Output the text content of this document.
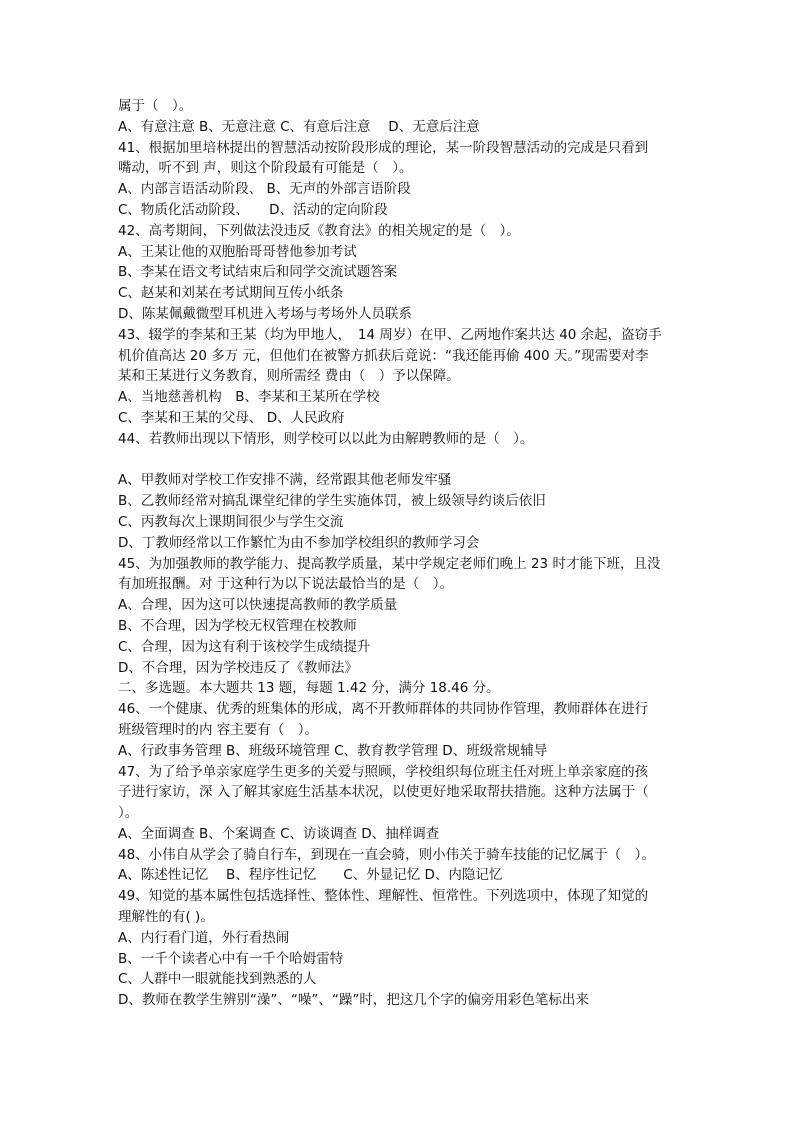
属于（　）。
A、有意注意 B、无意注意 C、有意后注意　 D、无意后注意
41、根据加里培林提出的智慧活动按阶段形成的理论，某一阶段智慧活动的完成是只看到
嘴动，听不到 声，则这个阶段最有可能是（　）。
A、内部言语活动阶段、 B、无声的外部言语阶段
C、物质化活动阶段、　　D、活动的定向阶段
42、高考期间，下列做法没违反《教育法》的相关规定的是（　）。
A、王某让他的双胞胎哥哥替他参加考试
B、李某在语文考试结束后和同学交流试题答案
C、赵某和刘某在考试期间互传小纸条
D、陈某佩戴微型耳机进入考场与考场外人员联系
43、辍学的李某和王某（均为甲地人，　14 周岁）在甲、乙两地作案共达 40 余起，盗窃手
机价值高达 20 多万 元，但他们在被警方抓获后竟说：“我还能再偷 400 天。”现需要对李
某和王某进行义务教育，则所需经 费由（　）予以保障。
A、当地慈善机构　B、李某和王某所在学校
C、李某和王某的父母、 D、人民政府
44、若教师出现以下情形，则学校可以以此为由解聘教师的是（　）。
A、甲教师对学校工作安排不满，经常跟其他老师发牢骚
B、乙教师经常对搞乱课堂纪律的学生实施体罚，被上级领导约谈后依旧
C、丙教每次上课期间很少与学生交流
D、丁教师经常以工作繁忙为由不参加学校组织的教师学习会
45、为加强教师的教学能力、提高教学质量，某中学规定老师们晚上 23 时才能下班，且没
有加班报酬。对 于这种行为以下说法最恰当的是（　）。
A、合理，因为这可以快速提高教师的教学质量
B、不合理，因为学校无权管理在校教师
C、合理，因为这有利于该校学生成绩提升
D、不合理，因为学校违反了《教师法》
二、多选题。本大题共 13 题，每题 1.42 分，满分 18.46 分。
46、一个健康、优秀的班集体的形成，离不开教师群体的共同协作管理，教师群体在进行
班级管理时的内 容主要有（　）。
A、行政事务管理 B、班级环境管理 C、教育教学管理 D、班级常规辅导
47、为了给予单亲家庭学生更多的关爱与照顾，学校组织每位班主任对班上单亲家庭的孩
子进行家访，深 入了解其家庭生活基本状况，以使更好地采取帮扶措施。这种方法属于（
）。
A、全面调查 B、个案调查 C、访谈调查 D、抽样调查
48、小伟自从学会了骑自行车，到现在一直会骑，则小伟关于骑车技能的记忆属于（　）。
A、陈述性记忆　 B、程序性记忆　　C、外显记忆 D、内隐记忆
49、知觉的基本属性包括选择性、整体性、理解性、恒常性。下列选项中，体现了知觉的
理解性的有( )。
A、内行看门道，外行看热闹
B、一千个读者心中有一千个哈姆雷特
C、人群中一眼就能找到熟悉的人
D、教师在教学生辨别“澡”、“噪”、“躁”时，把这几个字的偏旁用彩色笔标出来
